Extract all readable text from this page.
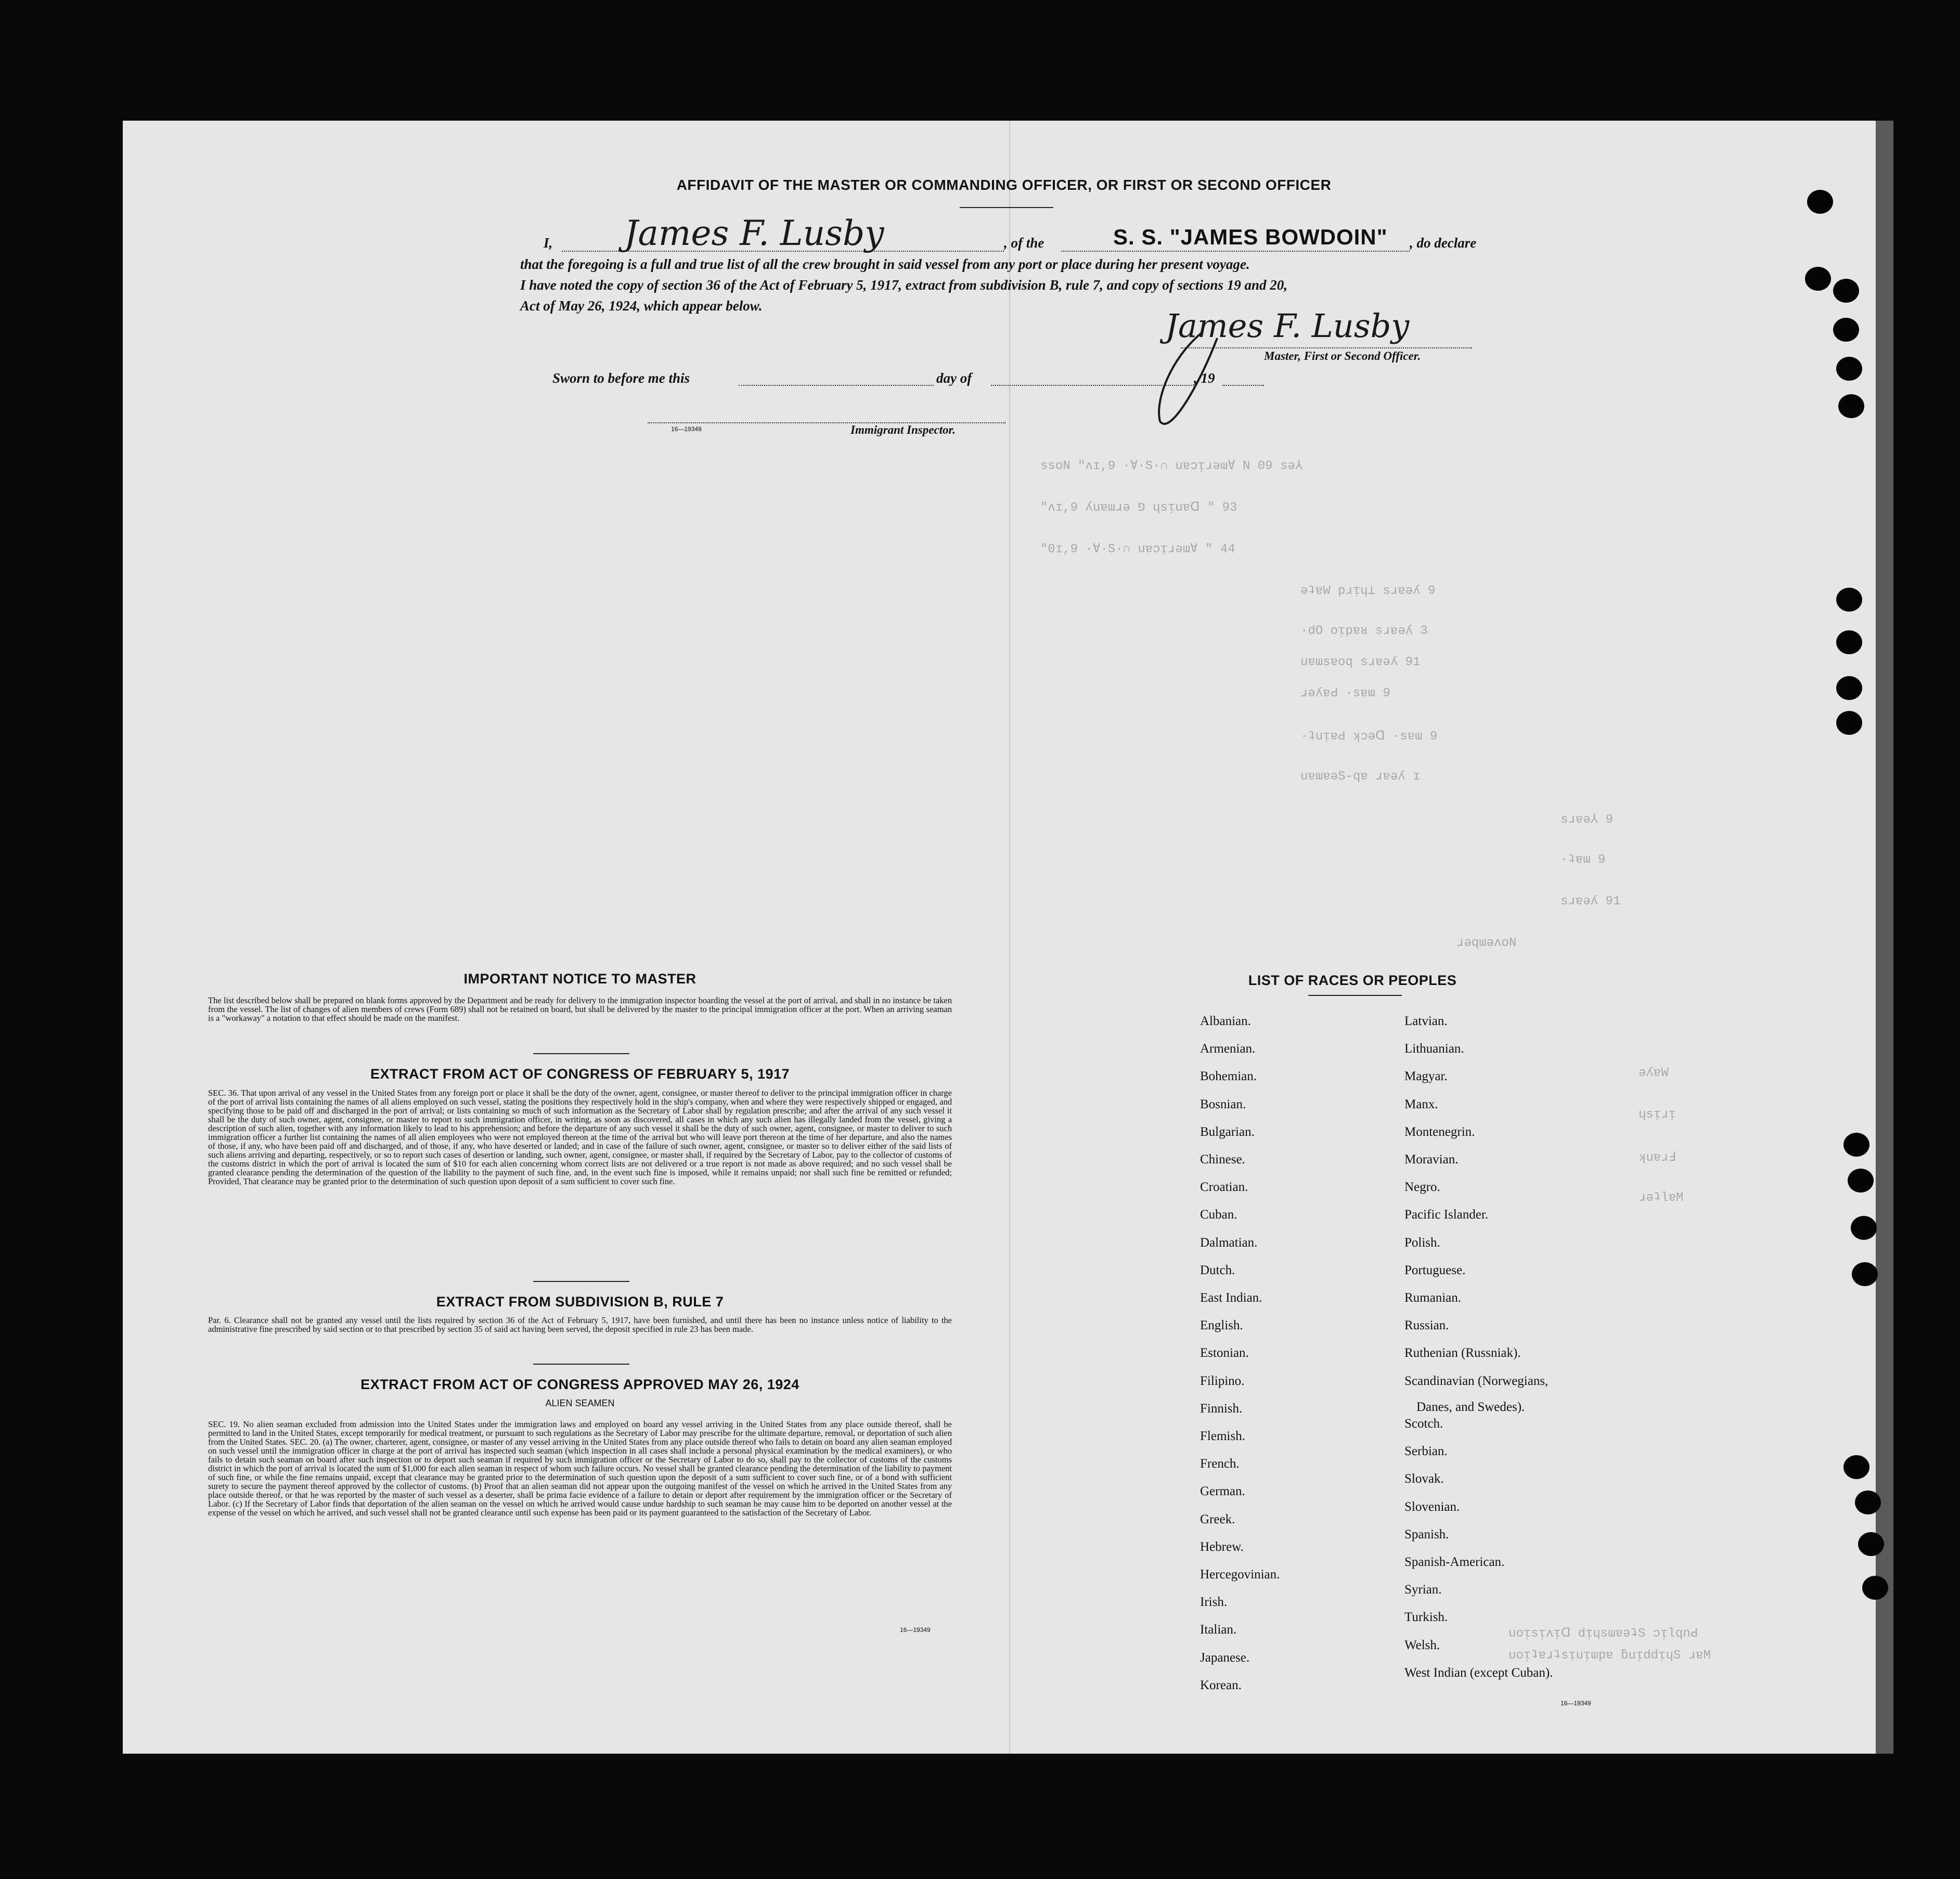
ssoN "ᴧɪ,9 ·∀·S·∩ uɐɔᴉɹǝɯ∀ N 09 sǝ⅄
"ᴧɪ,9 ʎuɐɯɹǝ פ ɥsᴉuɐᗡ " 93
"0ɪ,9 ·∀·S·∩ uɐɔᴉɹǝɯ∀ " 44
ǝʇɐW pɹᴉɥ⊥ sɹɐǝʎ 9
·dO oᴉpɐᴚ sɹɐǝʎ 3
uɐɯsɐoq sɹɐǝʎ 91
ɹǝʎɐԀ ·sɐɯ 9
·ʇuᴉɐԀ ʞɔǝᗡ ·sɐɯ 9
uɐɯɐǝS-qɐ ɹɐǝʎ ɪ
sɹɐǝ⅄ 9
·ʇɐɯ 9
sɹɐǝʎ 91
ɹǝqɯǝʌoN
ǝʎɐW
ɥsᴉɹᴉ
ʞuɐɹℲ
ɹǝʇlɐM
uoᴉsᴉʌᴉᗡ dᴉɥsɯɐǝʇS ɔᴉlqnԀ
uoᴉʇɐɹʇsᴉuᴉɯpɐ ƃuᴉddᴉɥS ɹɐM
AFFIDAVIT OF THE MASTER OR COMMANDING OFFICER, OR FIRST OR SECOND OFFICER
I, James F. Lusby	, of the	S. S. "JAMES BOWDOIN" , do declare
that the foregoing is a full and true list of all the crew brought in said vessel from any port or place during her present voyage.
I have noted the copy of section 36 of the Act of February 5, 1917, extract from subdivision B, rule 7, and copy of sections 19 and 20,
Act of May 26, 1924, which appear below.
James F. Lusby
Master, First or Second Officer.
Sworn to before me this	day of	, 19
16—19349	Immigrant Inspector.
IMPORTANT NOTICE TO MASTER
The list described below shall be prepared on blank forms approved by the Department and be ready for delivery to the immigration inspector boarding the vessel at the port of arrival, and shall in no instance be taken from the vessel. The list of changes of alien members of crews (Form 689) shall not be retained on board, but shall be delivered by the master to the principal immigration officer at the port. When an arriving seaman is a "workaway" a notation to that effect should be made on the manifest.
EXTRACT FROM ACT OF CONGRESS OF FEBRUARY 5, 1917
SEC. 36. That upon arrival of any vessel in the United States from any foreign port or place it shall be the duty of the owner, agent, consignee, or master thereof to deliver to the principal immigration officer in charge of the port of arrival lists containing the names of all aliens employed on such vessel, stating the positions they respectively hold in the ship's company, when and where they were respectively shipped or engaged, and specifying those to be paid off and discharged in the port of arrival; or lists containing so much of such information as the Secretary of Labor shall by regulation prescribe; and after the arrival of any such vessel it shall be the duty of such owner, agent, consignee, or master to report to such immigration officer, in writing, as soon as discovered, all cases in which any such alien has illegally landed from the vessel, giving a description of such alien, together with any information likely to lead to his apprehension; and before the departure of any such vessel it shall be the duty of such owner, agent, consignee, or master to deliver to such immigration officer a further list containing the names of all alien employees who were not employed thereon at the time of the arrival but who will leave port thereon at the time of her departure, and also the names of those, if any, who have been paid off and discharged, and of those, if any, who have deserted or landed; and in case of the failure of such owner, agent, consignee, or master so to deliver either of the said lists of such aliens arriving and departing, respectively, or so to report such cases of desertion or landing, such owner, agent, consignee, or master shall, if required by the Secretary of Labor, pay to the collector of customs of the customs district in which the port of arrival is located the sum of $10 for each alien concerning whom correct lists are not delivered or a true report is not made as above required; and no such vessel shall be granted clearance pending the determination of the question of the liability to the payment of such fine, and, in the event such fine is imposed, while it remains unpaid; nor shall such fine be remitted or refunded; Provided, That clearance may be granted prior to the determination of such question upon deposit of a sum sufficient to cover such fine.
EXTRACT FROM SUBDIVISION B, RULE 7
Par. 6. Clearance shall not be granted any vessel until the lists required by section 36 of the Act of February 5, 1917, have been furnished, and until there has been no instance unless notice of liability to the administrative fine prescribed by said section or to that prescribed by section 35 of said act having been served, the deposit specified in rule 23 has been made.
EXTRACT FROM ACT OF CONGRESS APPROVED MAY 26, 1924
ALIEN SEAMEN
SEC. 19. No alien seaman excluded from admission into the United States under the immigration laws and employed on board any vessel arriving in the United States from any place outside thereof, shall be permitted to land in the United States, except temporarily for medical treatment, or pursuant to such regulations as the Secretary of Labor may prescribe for the ultimate departure, removal, or deportation of such alien from the United States. SEC. 20. (a) The owner, charterer, agent, consignee, or master of any vessel arriving in the United States from any place outside thereof who fails to detain on board any alien seaman employed on such vessel until the immigration officer in charge at the port of arrival has inspected such seaman (which inspection in all cases shall include a personal physical examination by the medical examiners), or who fails to detain such seaman on board after such inspection or to deport such seaman if required by such immigration officer or the Secretary of Labor to do so, shall pay to the collector of customs of the customs district in which the port of arrival is located the sum of $1,000 for each alien seaman in respect of whom such failure occurs. No vessel shall be granted clearance pending the determination of the liability to payment of such fine, or while the fine remains unpaid, except that clearance may be granted prior to the determination of such question upon the deposit of a sum sufficient to cover such fine, or of a bond with sufficient surety to secure the payment thereof approved by the collector of customs. (b) Proof that an alien seaman did not appear upon the outgoing manifest of the vessel on which he arrived in the United States from any place outside thereof, or that he was reported by the master of such vessel as a deserter, shall be prima facie evidence of a failure to detain or deport after requirement by the immigration officer or the Secretary of Labor. (c) If the Secretary of Labor finds that deportation of the alien seaman on the vessel on which he arrived would cause undue hardship to such seaman he may cause him to be deported on another vessel at the expense of the vessel on which he arrived, and such vessel shall not be granted clearance until such expense has been paid or its payment guaranteed to the satisfaction of the Secretary of Labor.
16—19349
LIST OF RACES OR PEOPLES
Albanian.
Armenian.
Bohemian.
Bosnian.
Bulgarian.
Chinese.
Croatian.
Cuban.
Dalmatian.
Dutch.
East Indian.
English.
Estonian.
Filipino.
Finnish.
Flemish.
French.
German.
Greek.
Hebrew.
Hercegovinian.
Irish.
Italian.
Japanese.
Korean.
Latvian.
Lithuanian.
Magyar.
Manx.
Montenegrin.
Moravian.
Negro.
Pacific Islander.
Polish.
Portuguese.
Rumanian.
Russian.
Ruthenian (Russniak).
Scandinavian (Norwegians,
Scotch.
Serbian.
Slovak.
Slovenian.
Spanish.
Spanish-American.
Syrian.
Turkish.
Welsh.
West Indian (except Cuban).
Danes, and Swedes).
16—19349
